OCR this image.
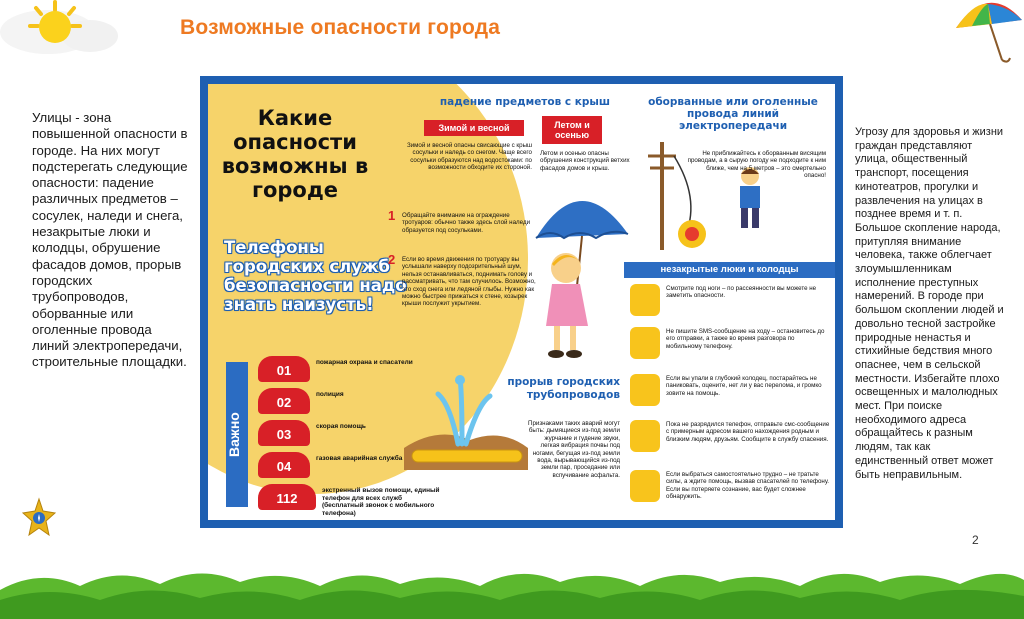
Возможные опасности города
Улицы - зона повышенной опасности в городе. На них могут подстерегать следующие опасности: падение различных предметов – сосулек, наледи и снега, незакрытые люки и колодцы, обрушение фасадов домов, прорыв городских трубопроводов, оборванные или оголенные провода линий электропередачи, строительные площадки.
Какие опасности возможны в городе
Телефоны городских служб безопасности надо знать наизусть!
Важно
01
пожарная охрана и спасатели
02
полиция
03
скорая помощь
04
газовая аварийная служба
112
экстренный вызов помощи, единый телефон для всех служб (бесплатный звонок с мобильного телефона)
падение предметов с крыш
Зимой и весной	Летом и осенью
Зимой и весной опасны свисающие с крыш сосульки и наледь со снегом. Чаще всего сосульки образуются над водостоками: по возможности обходите их стороной.
Летом и осенью опасны обрушения конструкций ветхих фасадов домов и крыш.
1 Обращайте внимание на ограждение тротуаров: обычно также здесь слой наледи образуется под сосульками.
2 Если во время движения по тротуару вы услышали наверху подозрительный шум, нельзя останавливаться, поднимать голову и рассматривать, что там случилось. Возможно, это сход снега или ледяной глыбы. Нужно как можно быстрее прижаться к стене, козырек крыши послужит укрытием.
оборванные или оголенные провода линий электропередачи
Не приближайтесь к оборванным висящим проводам, а в сырую погоду не подходите к ним ближе, чем на 5 метров – это смертельно опасно!
незакрытые люки и колодцы
Смотрите под ноги – по рассеянности вы можете не заметить опасности.
Не пишите SMS-сообщение на ходу – остановитесь до его отправки, а также во время разговора по мобильному телефону.
Если вы упали в глубокий колодец, постарайтесь не паниковать, оцените, нет ли у вас перелома, и громко зовите на помощь.
Пока не разрядился телефон, отправьте смс-сообщение с примерным адресом вашего нахождения родным и близким людям, друзьям. Сообщите в службу спасения.
Если выбраться самостоятельно трудно – не тратьте силы, а ждите помощь, вызвав спасателей по телефону. Если вы потеряете сознание, вас будет сложнее обнаружить.
прорыв городских трубопроводов
Признаками таких аварий могут быть: дымящиеся из-под земли журчание и гудение звуки, легкая вибрация почвы под ногами, бегущая из-под земли вода, вырывающийся из-под земли пар, проседание или вспучивание асфальта.
Угрозу для здоровья и жизни граждан представляют улица, общественный транспорт, посещения кинотеатров, прогулки и развлечения на улицах в позднее время и т. п. Большое скопление народа, притупляя внимание человека, также облегчает злоумышленникам исполнение преступных намерений. В городе при большом скоплении людей и довольно тесной застройке природные ненастья и стихийные бедствия много опаснее, чем в сельской местности. Избегайте плохо освещенных и малолюдных мест. При поиске необходимого адреса обращайтесь к разным людям, так как единственный ответ может быть неправильным.
2
